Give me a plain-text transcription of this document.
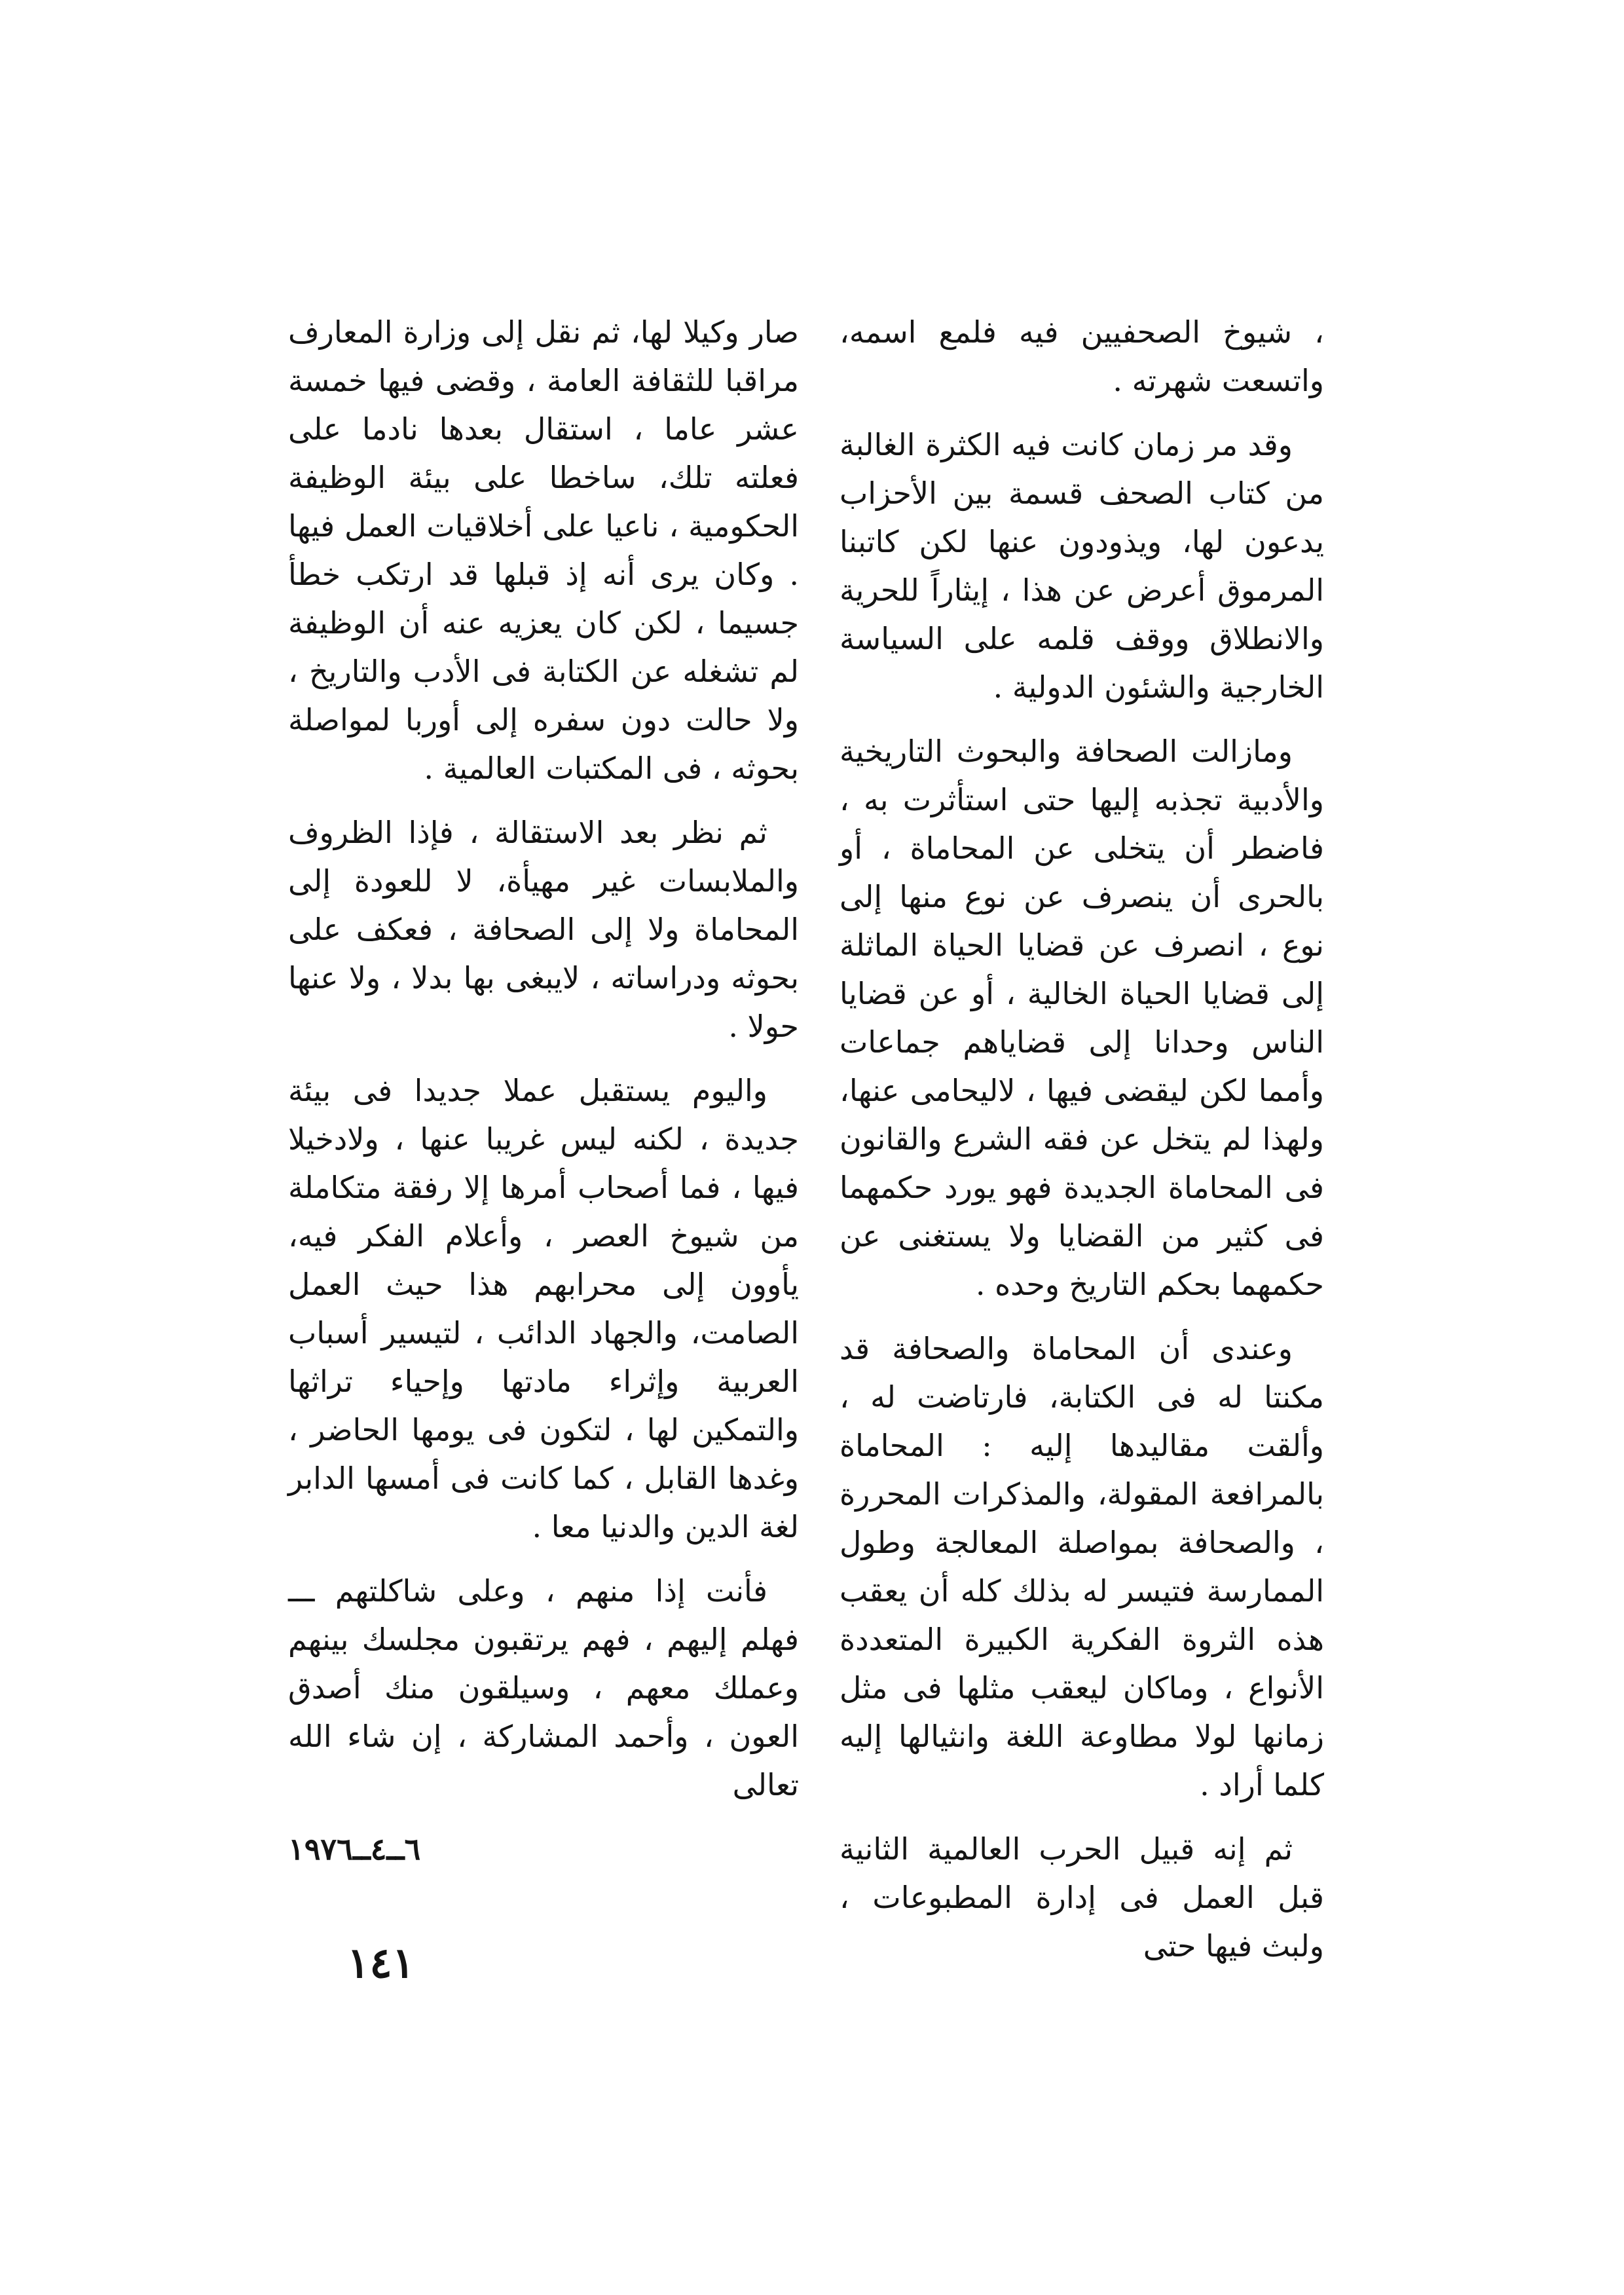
، شيوخ الصحفيين فيه فلمع اسمه، واتسعت شهرته .

وقد مر زمان كانت فيه الكثرة الغالبة من كتاب الصحف قسمة بين الأحزاب يدعون لها، ويذودون عنها لكن كاتبنا المرموق أعرض عن هذا ، إيثاراً للحرية والانطلاق ووقف قلمه على السياسة الخارجية والشئون الدولية .

ومازالت الصحافة والبحوث التاريخية والأدبية تجذبه إليها حتى استأثرت به ، فاضطر أن يتخلى عن المحاماة ، أو بالحرى أن ينصرف عن نوع منها إلى نوع ، انصرف عن قضايا الحياة الماثلة إلى قضايا الحياة الخالية ، أو عن قضايا الناس وحدانا إلى قضاياهم جماعات وأمما لكن ليقضى فيها ، لاليحامى عنها، ولهذا لم يتخل عن فقه الشرع والقانون فى المحاماة الجديدة فهو يورد حكمهما فى كثير من القضايا ولا يستغنى عن حكمهما بحكم التاريخ وحده .

وعندى أن المحاماة والصحافة قد مكنتا له فى الكتابة، فارتاضت له ، وألقت مقاليدها إليه : المحاماة بالمرافعة المقولة، والمذكرات المحررة ، والصحافة بمواصلة المعالجة وطول الممارسة فتيسر له بذلك كله أن يعقب هذه الثروة الفكرية الكبيرة المتعددة الأنواع ، وماكان ليعقب مثلها فى مثل زمانها لولا مطاوعة اللغة وانثيالها إليه كلما أراد .

ثم إنه قبيل الحرب العالمية الثانية قبل العمل فى إدارة المطبوعات ، ولبث فيها حتى

صار وكيلا لها، ثم نقل إلى وزارة المعارف مراقبا للثقافة العامة ، وقضى فيها خمسة عشر عاما ، استقال بعدها نادما على فعلته تلك، ساخطا على بيئة الوظيفة الحكومية ، ناعيا على أخلاقيات العمل فيها . وكان يرى أنه إذ قبلها قد ارتكب خطأ جسيما ، لكن كان يعزيه عنه أن الوظيفة لم تشغله عن الكتابة فى الأدب والتاريخ ، ولا حالت دون سفره إلى أوربا لمواصلة بحوثه ، فى المكتبات العالمية .

ثم نظر بعد الاستقالة ، فإذا الظروف والملابسات غير مهيأة، لا للعودة إلى المحاماة ولا إلى الصحافة ، فعكف على بحوثه ودراساته ، لايبغى بها بدلا ، ولا عنها حولا .

واليوم يستقبل عملا جديدا فى بيئة جديدة ، لكنه ليس غريبا عنها ، ولادخيلا فيها ، فما أصحاب أمرها إلا رفقة متكاملة من شيوخ العصر ، وأعلام الفكر فيه، يأوون إلى محرابهم هذا حيث العمل الصامت، والجهاد الدائب ، لتيسير أسباب العربية وإثراء مادتها وإحياء تراثها والتمكين لها ، لتكون فى يومها الحاضر ، وغدها القابل ، كما كانت فى أمسها الدابر لغة الدين والدنيا معا .

فأنت إذا منهم ، وعلى شاكلتهم ـــ فهلم إليهم ، فهم يرتقبون مجلسك بينهم وعملك معهم ، وسيلقون منك أصدق العون ، وأحمد المشاركة ، إن شاء الله تعالى

٦ــ٤ــ١٩٧٦

١٤١
